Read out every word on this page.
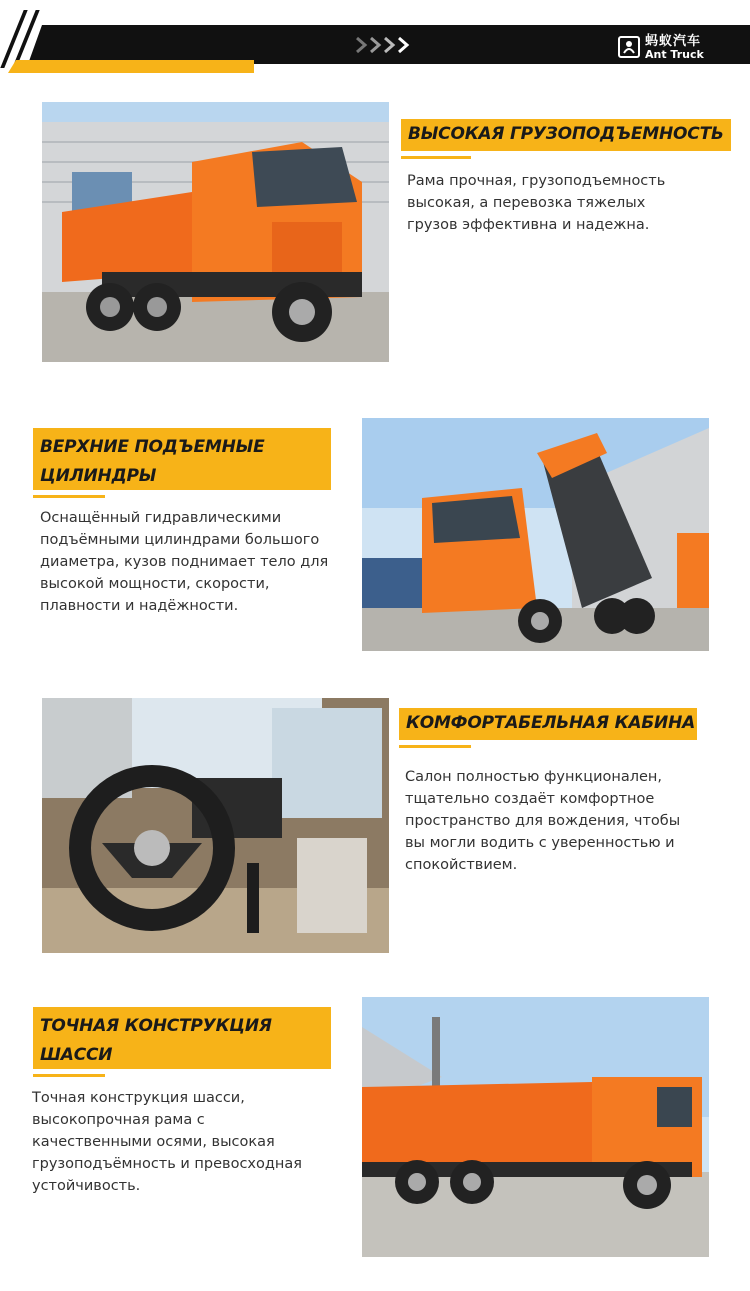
蚂蚁汽车
Ant Truck
ВЫСОКАЯ ГРУЗОПОДЪЕМНОСТЬ
Рама прочная, грузоподъемность высокая, а перевозка тяжелых грузов эффективна и надежна.
ВЕРХНИЕ ПОДЪЕМНЫЕ
ЦИЛИНДРЫ
Оснащённый гидравлическими подъёмными цилиндрами большого диаметра, кузов поднимает тело для высокой мощности, скорости, плавности и надёжности.
КОМФОРТАБЕЛЬНАЯ КАБИНА
Салон полностью функционален, тщательно создаёт комфортное пространство для вождения, чтобы вы могли водить с уверенностью и спокойствием.
ТОЧНАЯ КОНСТРУКЦИЯ
ШАССИ
Точная конструкция шасси, высокопрочная рама с качественными осями, высокая грузоподъёмность и превосходная устойчивость.
